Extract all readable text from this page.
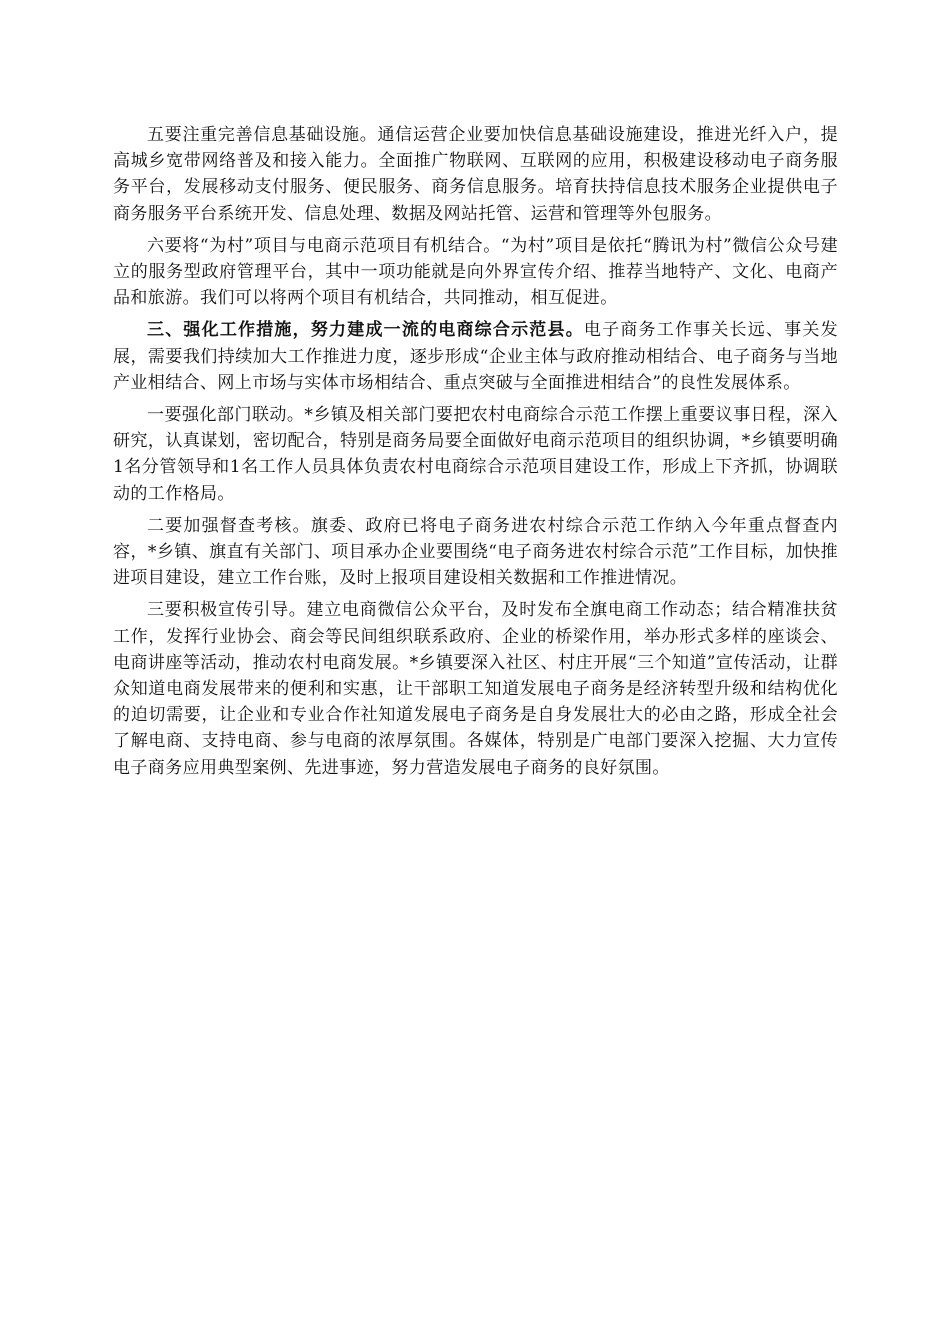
五要注重完善信息基础设施。通信运营企业要加快信息基础设施建设，推进光纤入户，提高城乡宽带网络普及和接入能力。全面推广物联网、互联网的应用，积极建设移动电子商务服务平台，发展移动支付服务、便民服务、商务信息服务。培育扶持信息技术服务企业提供电子商务服务平台系统开发、信息处理、数据及网站托管、运营和管理等外包服务。

六要将“为村”项目与电商示范项目有机结合。“为村”项目是依托“腾讯为村”微信公众号建立的服务型政府管理平台，其中一项功能就是向外界宣传介绍、推荐当地特产、文化、电商产品和旅游。我们可以将两个项目有机结合，共同推动，相互促进。

三、强化工作措施，努力建成一流的电商综合示范县。电子商务工作事关长远、事关发展，需要我们持续加大工作推进力度，逐步形成“企业主体与政府推动相结合、电子商务与当地产业相结合、网上市场与实体市场相结合、重点突破与全面推进相结合”的良性发展体系。

一要强化部门联动。*乡镇及相关部门要把农村电商综合示范工作摆上重要议事日程，深入研究，认真谋划，密切配合，特别是商务局要全面做好电商示范项目的组织协调，*乡镇要明确1名分管领导和1名工作人员具体负责农村电商综合示范项目建设工作，形成上下齐抓，协调联动的工作格局。

二要加强督查考核。旗委、政府已将电子商务进农村综合示范工作纳入今年重点督查内容，*乡镇、旗直有关部门、项目承办企业要围绕“电子商务进农村综合示范”工作目标，加快推进项目建设，建立工作台账，及时上报项目建设相关数据和工作推进情况。

三要积极宣传引导。建立电商微信公众平台，及时发布全旗电商工作动态；结合精准扶贫工作，发挥行业协会、商会等民间组织联系政府、企业的桥梁作用，举办形式多样的座谈会、电商讲座等活动，推动农村电商发展。*乡镇要深入社区、村庄开展“三个知道”宣传活动，让群众知道电商发展带来的便利和实惠，让干部职工知道发展电子商务是经济转型升级和结构优化的迫切需要，让企业和专业合作社知道发展电子商务是自身发展壮大的必由之路，形成全社会了解电商、支持电商、参与电商的浓厚氛围。各媒体，特别是广电部门要深入挖掘、大力宣传电子商务应用典型案例、先进事迹，努力营造发展电子商务的良好氛围。
